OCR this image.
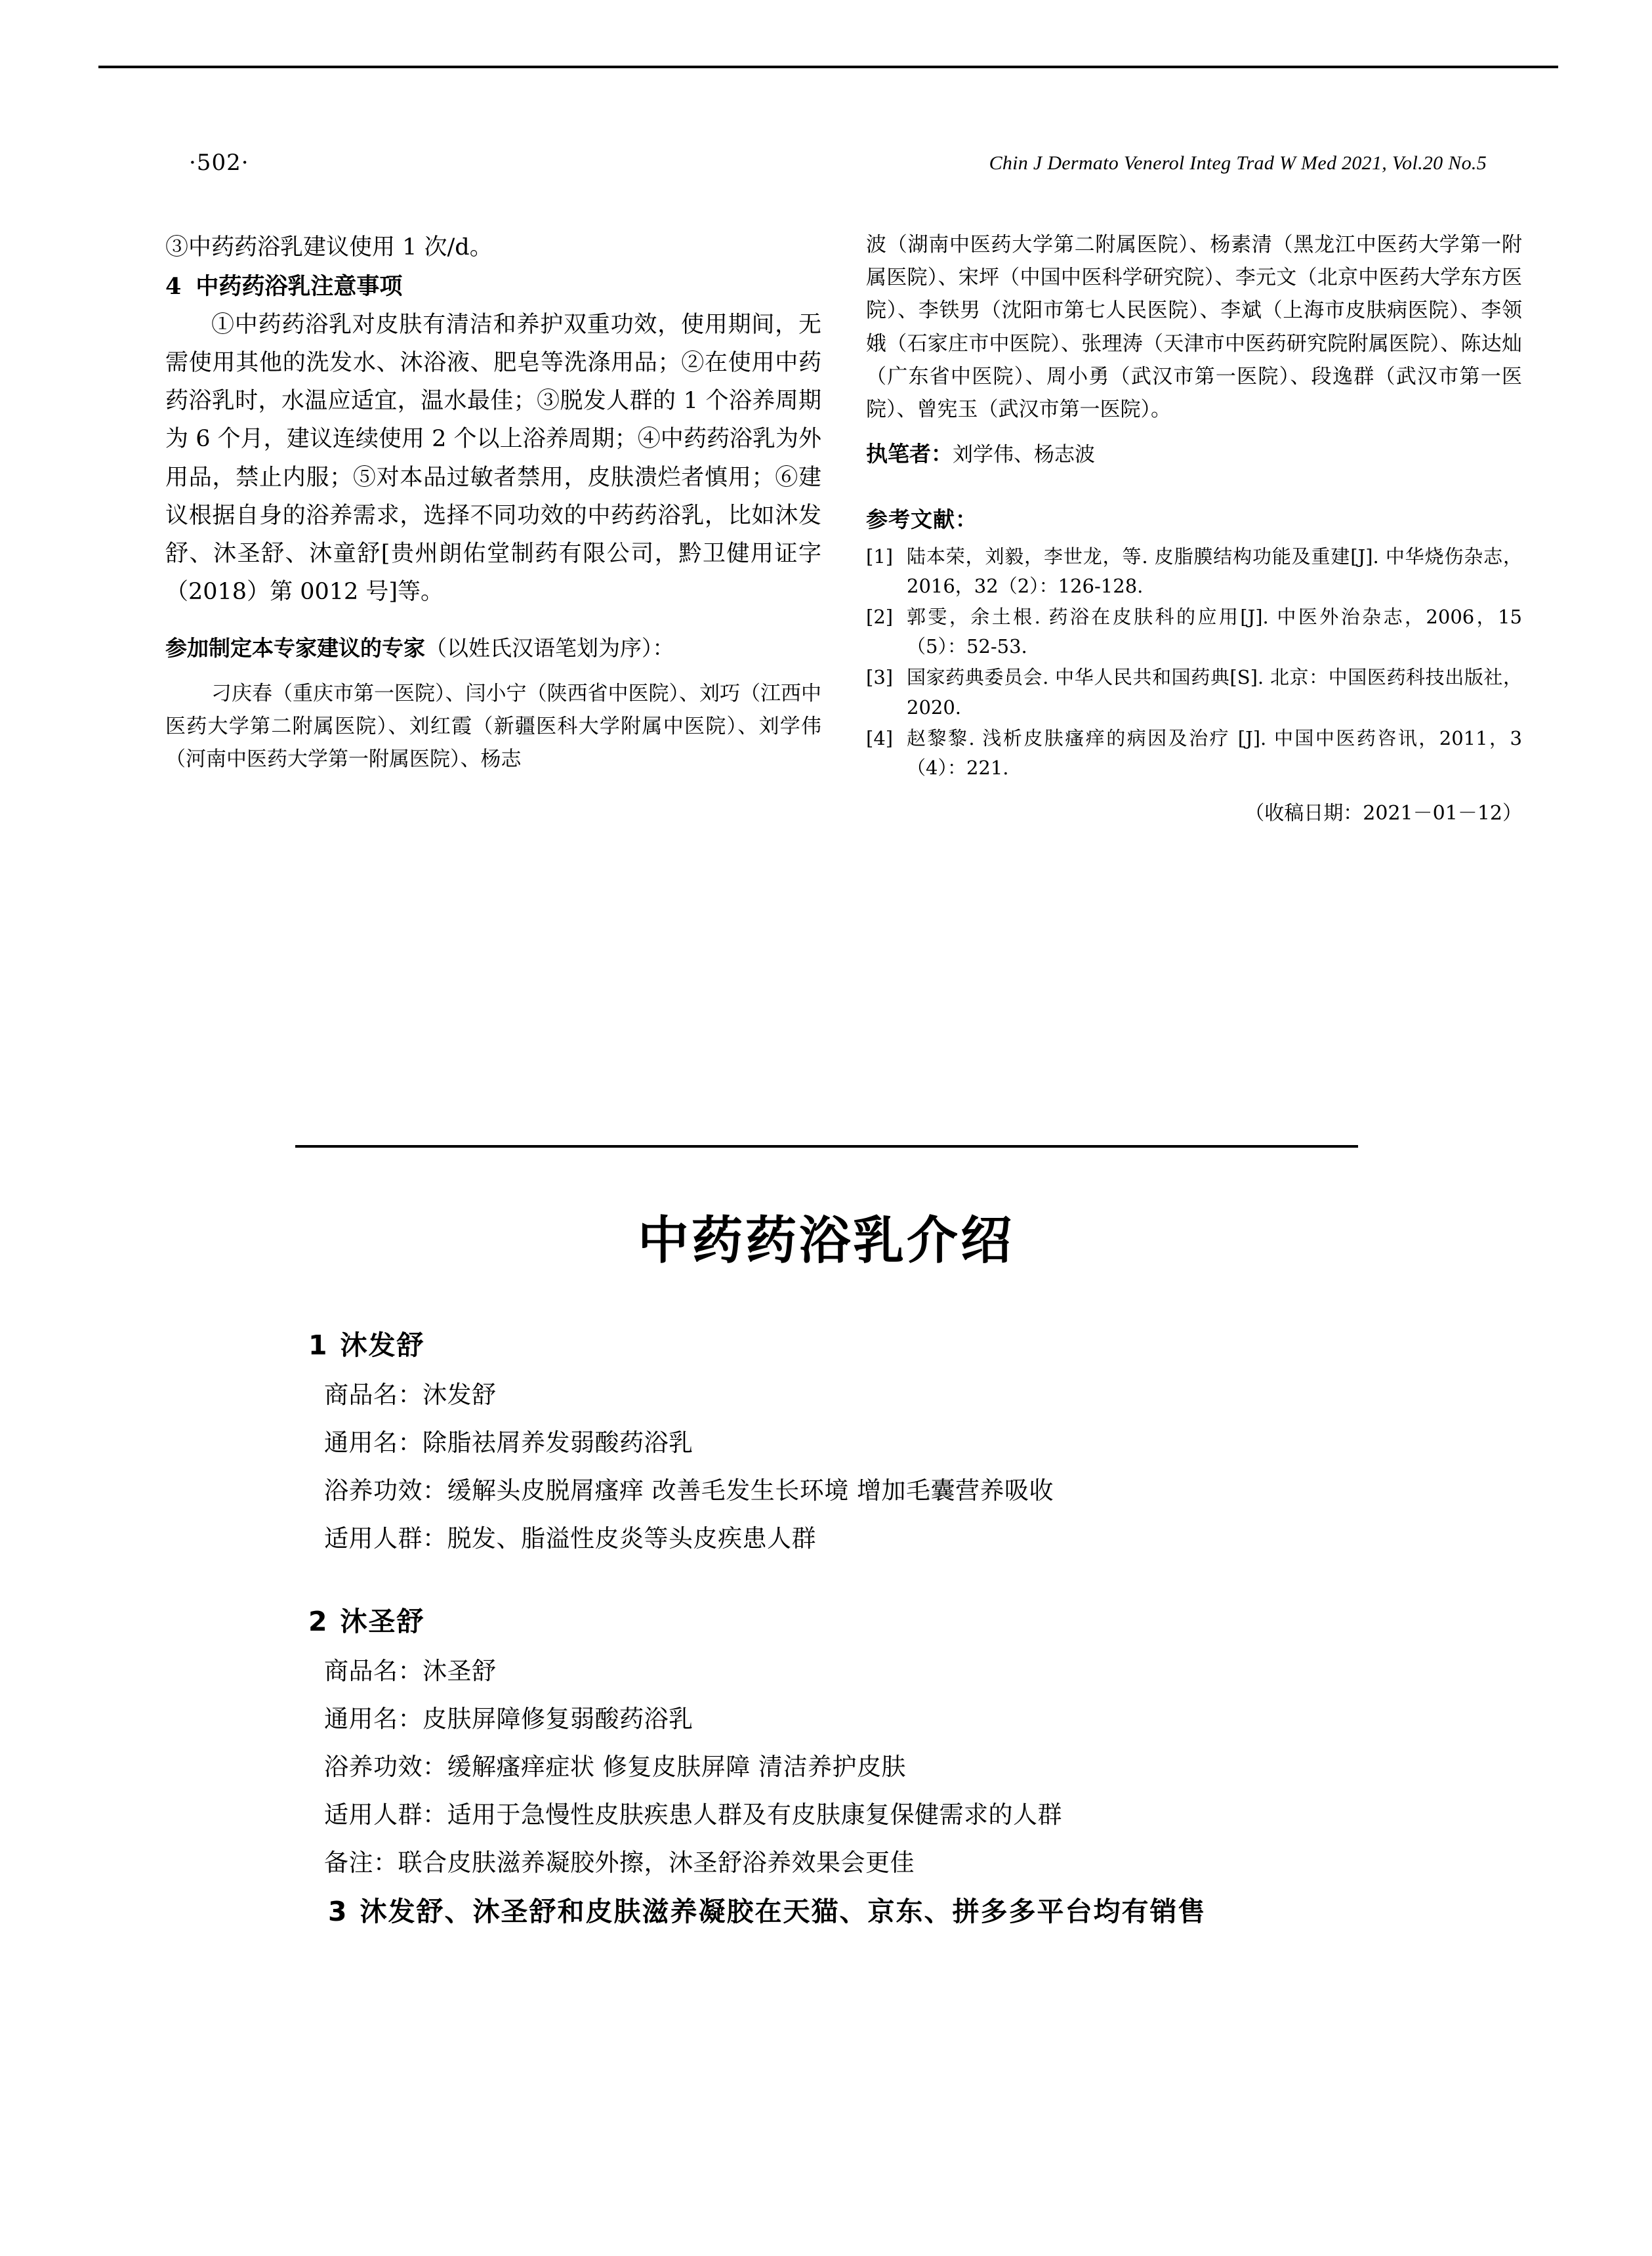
·502·	Chin J Dermato Venerol Integ Trad W Med 2021, Vol.20 No.5
③中药药浴乳建议使用 1 次/d。
4 中药药浴乳注意事项
①中药药浴乳对皮肤有清洁和养护双重功效，使用期间，无需使用其他的洗发水、沐浴液、肥皂等洗涤用品；②在使用中药药浴乳时，水温应适宜，温水最佳；③脱发人群的 1 个浴养周期为 6 个月，建议连续使用 2 个以上浴养周期；④中药药浴乳为外用品，禁止内服；⑤对本品过敏者禁用，皮肤溃烂者慎用；⑥建议根据自身的浴养需求，选择不同功效的中药药浴乳，比如沐发舒、沐圣舒、沐童舒[贵州朗佑堂制药有限公司，黔卫健用证字（2018）第 0012 号]等。
参加制定本专家建议的专家（以姓氏汉语笔划为序）：
刁庆春（重庆市第一医院）、闫小宁（陕西省中医院）、刘巧（江西中医药大学第二附属医院）、刘红霞（新疆医科大学附属中医院）、刘学伟（河南中医药大学第一附属医院）、杨志
波（湖南中医药大学第二附属医院）、杨素清（黑龙江中医药大学第一附属医院）、宋坪（中国中医科学研究院）、李元文（北京中医药大学东方医院）、李铁男（沈阳市第七人民医院）、李斌（上海市皮肤病医院）、李领娥（石家庄市中医院）、张理涛（天津市中医药研究院附属医院）、陈达灿（广东省中医院）、周小勇（武汉市第一医院）、段逸群（武汉市第一医院）、曾宪玉（武汉市第一医院）。
执笔者：刘学伟、杨志波
参考文献：
[1] 陆本荣，刘毅，李世龙，等. 皮脂膜结构功能及重建[J]. 中华烧伤杂志，2016，32（2）：126-128.
[2] 郭雯，余土根. 药浴在皮肤科的应用[J]. 中医外治杂志，2006，15（5）：52-53.
[3] 国家药典委员会. 中华人民共和国药典[S]. 北京：中国医药科技出版社，2020.
[4] 赵黎黎. 浅析皮肤瘙痒的病因及治疗 [J]. 中国中医药咨讯，2011，3（4）：221.
（收稿日期：2021－01－12）
中药药浴乳介绍
1 沐发舒
商品名：沐发舒
通用名：除脂祛屑养发弱酸药浴乳
浴养功效：缓解头皮脱屑瘙痒 改善毛发生长环境 增加毛囊营养吸收
适用人群：脱发、脂溢性皮炎等头皮疾患人群
2 沐圣舒
商品名：沐圣舒
通用名：皮肤屏障修复弱酸药浴乳
浴养功效：缓解瘙痒症状 修复皮肤屏障 清洁养护皮肤
适用人群：适用于急慢性皮肤疾患人群及有皮肤康复保健需求的人群
备注：联合皮肤滋养凝胶外擦，沐圣舒浴养效果会更佳
3 沐发舒、沐圣舒和皮肤滋养凝胶在天猫、京东、拼多多平台均有销售
